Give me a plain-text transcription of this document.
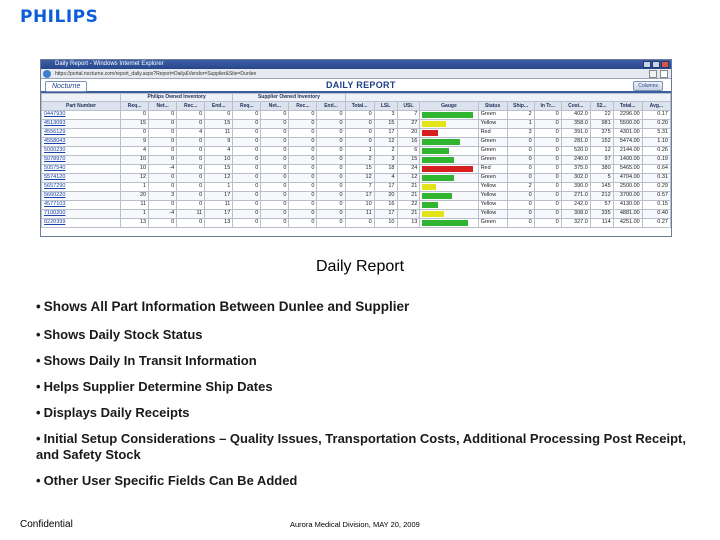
PHILIPS
Daily Report - Windows Internet Explorer
https://portal.nocturne.com/report_daily.aspx?Report=Daily&Vendor=Supplier&Site=Dunlee
Nocturne	DAILY REPORT	Columns
	Philips Owned Inventory				Supplier Owned Inventory														
Part Number	Req...	Net...	Rec...	End...	Req...	Net...	Rec...	End...	Total...	LSL	USL	Gauge	Status	Ship...	In Tr...	Cost...	52...	Total...	Avg...
0447930	0	0	0	0	0	0	0	0	0	3	7		Green	2	0	402.0	22	2296.00	0.17
4513093	15	0	0	15	0	0	0	0	0	15	27		Yellow	1	0	358.0	981	5500.00	0.20
4556129	0	0	4	11	0	0	0	0	0	17	20		Red	3	0	391.0	375	4301.00	5.31
4558043	9	0	0	9	0	0	0	0	0	12	16		Green	0	0	281.0	152	5474.00	1.10
5000230	4	0	0	4	0	0	0	0	1	2	6		Green	0	0	520.0	12	2144.00	0.26
5078970	10	0	0	10	0	0	0	0	2	3	15		Green	0	0	240.0	97	1400.00	0.19
5057540	10	-4	0	15	0	0	0	0	15	18	24		Red	0	0	375.0	380	5465.00	0.64
5574120	12	0	0	12	0	0	0	0	12	4	12		Green	0	0	302.0	5	4704.00	0.31
5657290	1	0	0	1	0	0	0	0	7	17	21		Yellow	2	0	390.0	145	2500.00	0.29
5660220	20	3	0	17	0	0	0	0	17	20	21		Yellow	0	0	271.0	212	3700.00	0.57
4577103	11	0	0	11	0	0	0	0	10	16	22		Yellow	0	0	242.0	57	4130.00	0.15
7100200	1	-4	11	17	0	0	0	0	11	17	21		Yellow	0	0	308.0	335	4881.00	0.40
8220399	13	0	0	13	0	0	0	0	0	10	13		Green	0	0	327.0	114	4251.00	0.27
Daily Report
• Shows All Part Information Between Dunlee and Supplier
• Shows Daily Stock Status
• Shows Daily In Transit Information
• Helps Supplier Determine Ship Dates
• Displays Daily Receipts
• Initial Setup Considerations – Quality Issues, Transportation Costs, Additional Processing Post Receipt, and Safety Stock
• Other User Specific Fields Can Be Added
Confidential	Aurora Medical Division, MAY 20, 2009
